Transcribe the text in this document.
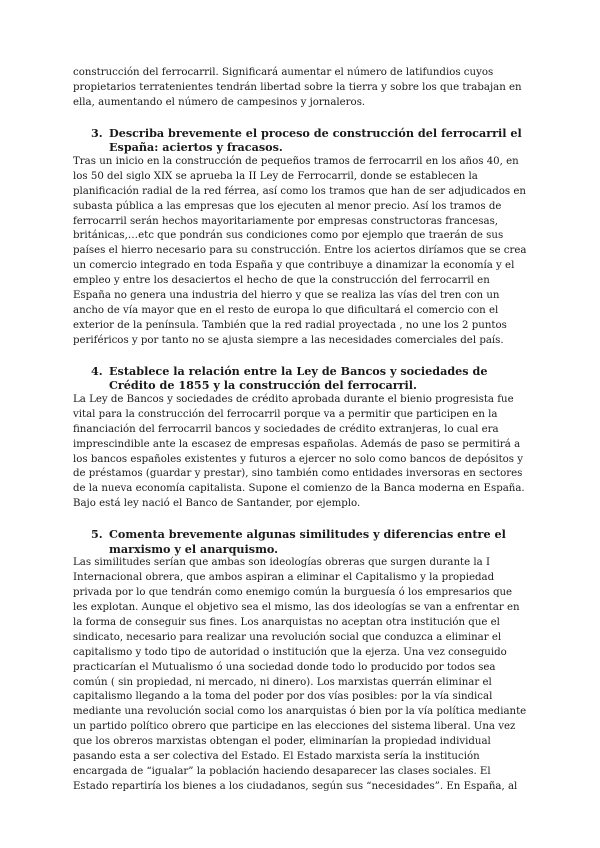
construcción del ferrocarril. Significará aumentar el número de latifundios cuyos propietarios terratenientes tendrán libertad sobre la tierra y sobre los que trabajan en ella, aumentando el número de campesinos y jornaleros.

3. Describa brevemente el proceso de construcción del ferrocarril el España: aciertos y fracasos.

Tras un inicio en la construcción de pequeños tramos de ferrocarril en los años 40, en los 50 del siglo XIX se aprueba la II Ley de Ferrocarril, donde se establecen la planificación radial de la red férrea, así como los tramos que han de ser adjudicados en subasta pública a las empresas que los ejecuten al menor precio. Así los tramos de ferrocarril serán hechos mayoritariamente por empresas constructoras francesas, británicas,…etc que pondrán sus condiciones como por ejemplo que traerán de sus países el hierro necesario para su construcción. Entre los aciertos diríamos que se crea un comercio integrado en toda España y que contribuye a dinamizar la economía y el empleo y entre los desaciertos el hecho de que la construcción del ferrocarril en España no genera una industria del hierro y que se realiza las vías del tren con un ancho de vía mayor que en el resto de europa lo que dificultará el comercio con el exterior de la península. También que la red radial proyectada , no une los 2 puntos periféricos y por tanto no se ajusta siempre a las necesidades comerciales del país.

4. Establece la relación entre la Ley de Bancos y sociedades de Crédito de 1855 y la construcción del ferrocarril.

La Ley de Bancos y sociedades de crédito aprobada durante el bienio progresista fue vital para la construcción del ferrocarril porque va a permitir que participen en la financiación del ferrocarril bancos y sociedades de crédito extranjeras, lo cual era imprescindible ante la escasez de empresas españolas. Además de paso se permitirá a los bancos españoles existentes y futuros a ejercer no solo como bancos de depósitos y de préstamos (guardar y prestar), sino también como entidades inversoras en sectores de la nueva economía capitalista. Supone el comienzo de la Banca moderna en España. Bajo está ley nació el Banco de Santander, por ejemplo.

5. Comenta brevemente algunas similitudes y diferencias entre el marxismo y el anarquismo.

Las similitudes serían que ambas son ideologías obreras que surgen durante la I Internacional obrera, que ambos aspiran a eliminar el Capitalismo y la propiedad privada por lo que tendrán como enemigo común la burguesía ó los empresarios que les explotan. Aunque el objetivo sea el mismo, las dos ideologías se van a enfrentar en la forma de conseguir sus fines. Los anarquistas no aceptan otra institución que el sindicato, necesario para realizar una revolución social que conduzca a eliminar el capitalismo y todo tipo de autoridad o institución que la ejerza. Una vez conseguido practicarían el Mutualismo ó una sociedad donde todo lo producido por todos sea común ( sin propiedad, ni mercado, ni dinero). Los marxistas querrán eliminar el capitalismo llegando a la toma del poder por dos vías posibles: por la vía sindical mediante una revolución social como los anarquistas ó bien por la vía política mediante un partido político obrero que participe en las elecciones del sistema liberal. Una vez que los obreros marxistas obtengan el poder, eliminarían la propiedad individual pasando esta a ser colectiva del Estado. El Estado marxista sería la institución encargada de “igualar” la población haciendo desaparecer las clases sociales. El Estado repartiría los bienes a los ciudadanos, según sus “necesidades”. En España, al
